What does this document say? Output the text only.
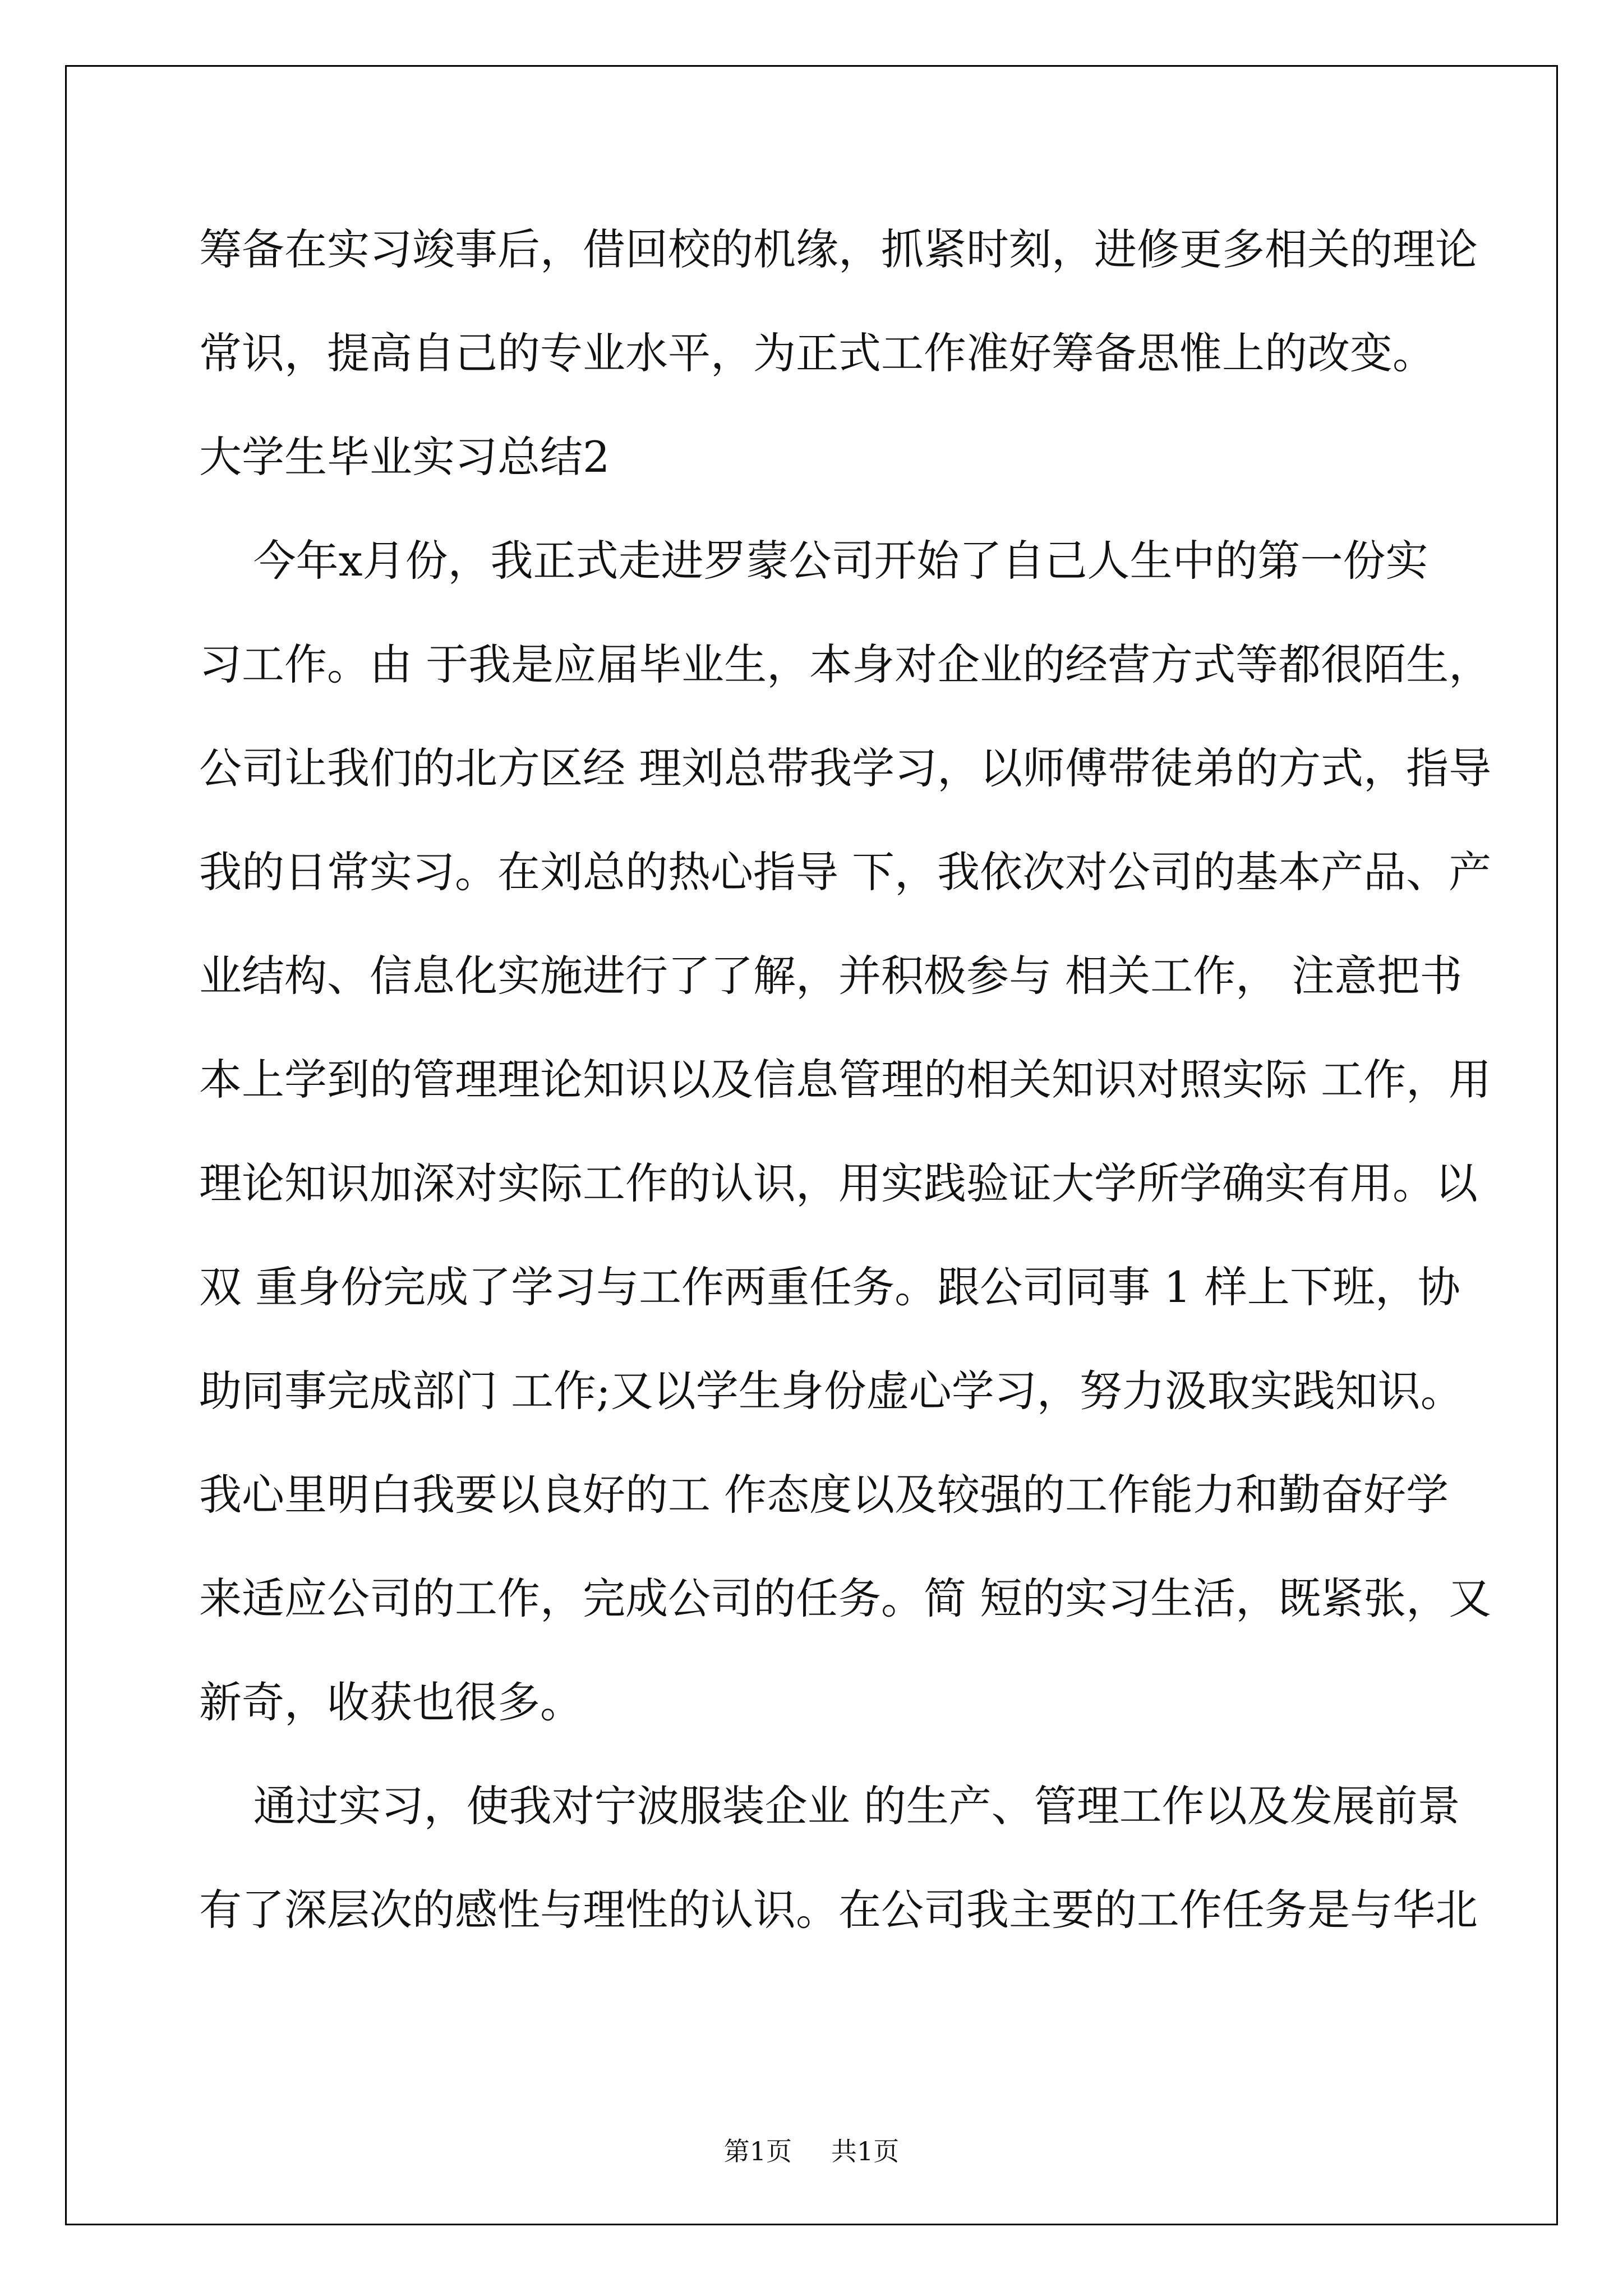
筹备在实习竣事后，借回校的机缘，抓紧时刻，进修更多相关的理论

常识，提高自己的专业水平，为正式工作准好筹备思惟上的改变。

大学生毕业实习总结2

今年x月份，我正式走进罗蒙公司开始了自己人生中的第一份实

习工作。由 于我是应届毕业生，本身对企业的经营方式等都很陌生，

公司让我们的北方区经 理刘总带我学习，以师傅带徒弟的方式，指导

我的日常实习。在刘总的热心指导 下，我依次对公司的基本产品、产

业结构、信息化实施进行了了解，并积极参与 相关工作， 注意把书

本上学到的管理理论知识以及信息管理的相关知识对照实际 工作，用

理论知识加深对实际工作的认识，用实践验证大学所学确实有用。以

双 重身份完成了学习与工作两重任务。跟公司同事 1 样上下班，协

助同事完成部门 工作;又以学生身份虚心学习，努力汲取实践知识。

我心里明白我要以良好的工 作态度以及较强的工作能力和勤奋好学

来适应公司的工作，完成公司的任务。简 短的实习生活，既紧张，又

新奇，收获也很多。

通过实习，使我对宁波服装企业 的生产、管理工作以及发展前景

有了深层次的感性与理性的认识。在公司我主要的工作任务是与华北

第1页 共1页
